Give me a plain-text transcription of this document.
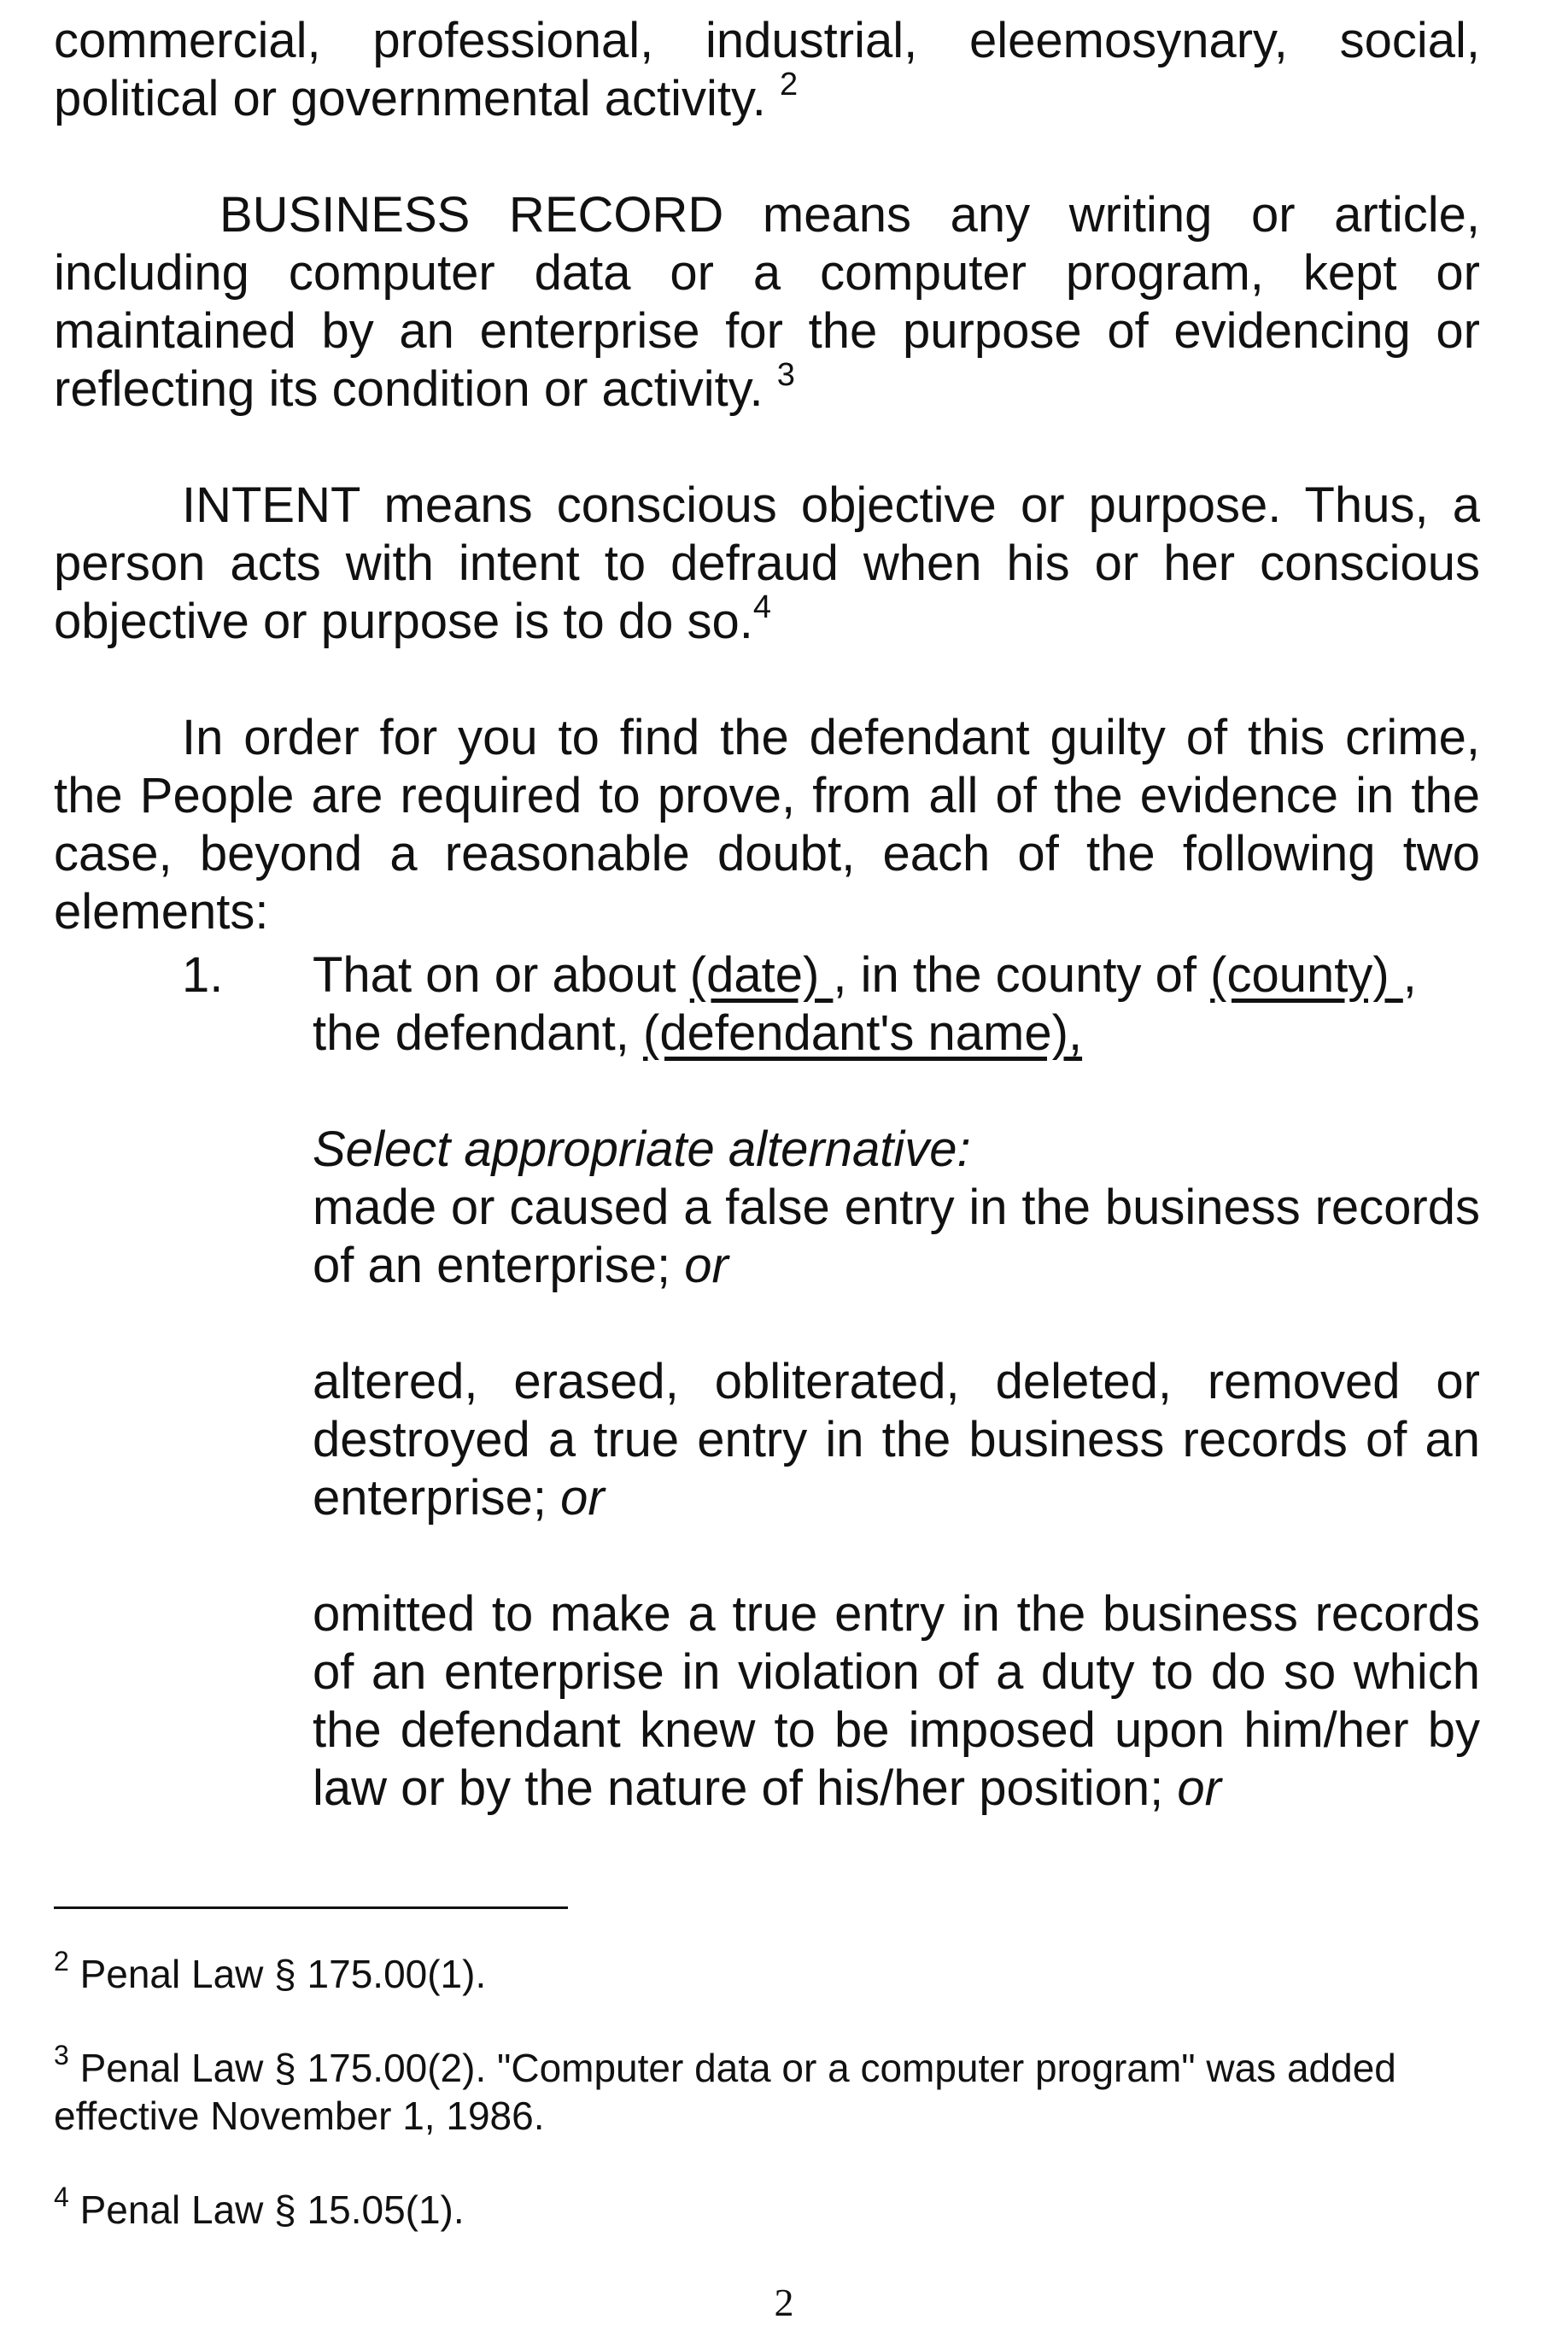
commercial, professional, industrial, eleemosynary, social, political or governmental activity. $^2$

BUSINESS RECORD means any writing or article, including computer data or a computer program, kept or maintained by an enterprise for the purpose of evidencing or reflecting its condition or activity. $^3$

INTENT means conscious objective or purpose. Thus, a person acts with intent to defraud when his or her conscious objective or purpose is to do so.$^4$

In order for you to find the defendant guilty of this crime, the People are required to prove, from all of the evidence in the case, beyond a reasonable doubt, each of the following two elements:

1.	That on or about (date) , in the county of (county) ,
the defendant, (defendant's name),

Select appropriate alternative:

made or caused a false entry in the business records of an enterprise; or

altered, erased, obliterated, deleted, removed or destroyed a true entry in the business records of an enterprise; or

omitted to make a true entry in the business records of an enterprise in violation of a duty to do so which the defendant knew to be imposed upon him/her by law or by the nature of his/her position; or

$^2$ Penal Law § 175.00(1).

$^3$ Penal Law § 175.00(2). "Computer data or a computer program" was added effective November 1, 1986.

$^4$ Penal Law § 15.05(1).

2
